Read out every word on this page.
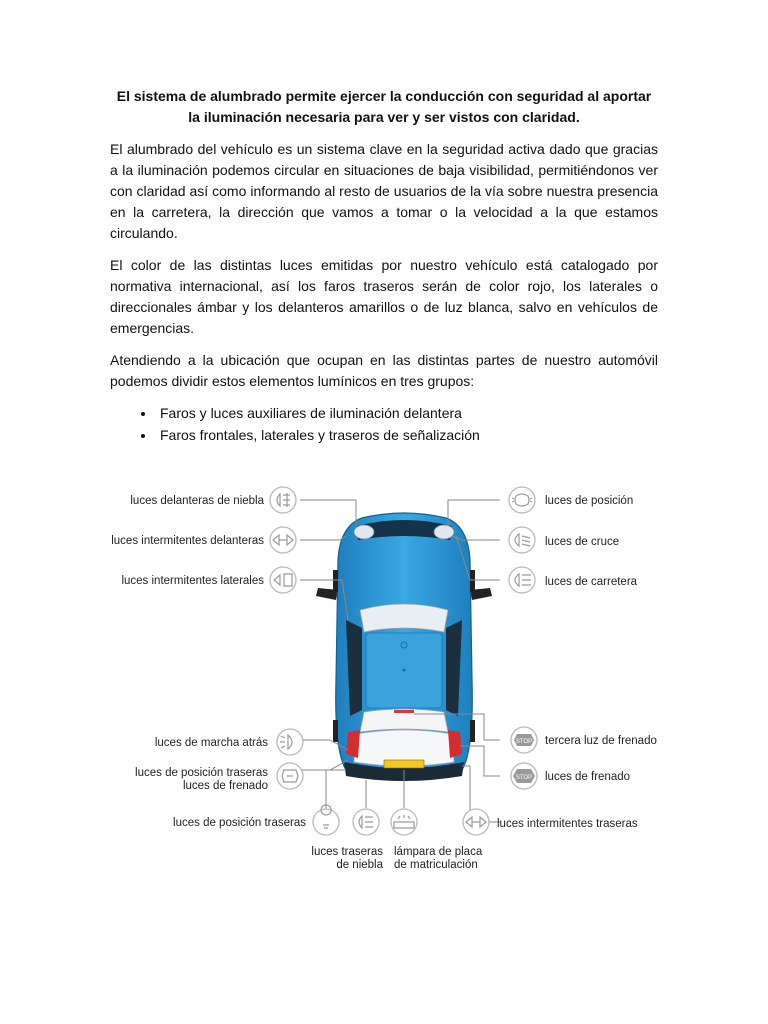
El sistema de alumbrado permite ejercer la conducción con seguridad al aportar la iluminación necesaria para ver y ser vistos con claridad.

El alumbrado del vehículo es un sistema clave en la seguridad activa dado que gracias a la iluminación podemos circular en situaciones de baja visibilidad, permitiéndonos ver con claridad así como informando al resto de usuarios de la vía sobre nuestra presencia en la carretera, la dirección que vamos a tomar o la velocidad a la que estamos circulando.

El color de las distintas luces emitidas por nuestro vehículo está catalogado por normativa internacional, así los faros traseros serán de color rojo, los laterales o direccionales ámbar y los delanteros amarillos o de luz blanca, salvo en vehículos de emergencias.

Atendiendo a la ubicación que ocupan en las distintas partes de nuestro automóvil podemos dividir estos elementos lumínicos en tres grupos:

• Faros y luces auxiliares de iluminación delantera
• Faros frontales, laterales y traseros de señalización
luces delanteras de niebla
luces intermitentes delanteras
luces intermitentes laterales
luces de marcha atrás
luces de posición traseras
luces de frenado
luces de posición traseras
luces de posición
luces de cruce
luces de carretera
tercera luz de frenado
luces de frenado
luces intermitentes traseras
luces traseras
de niebla
lámpara de placa
de matriculación
STOP
STOP
